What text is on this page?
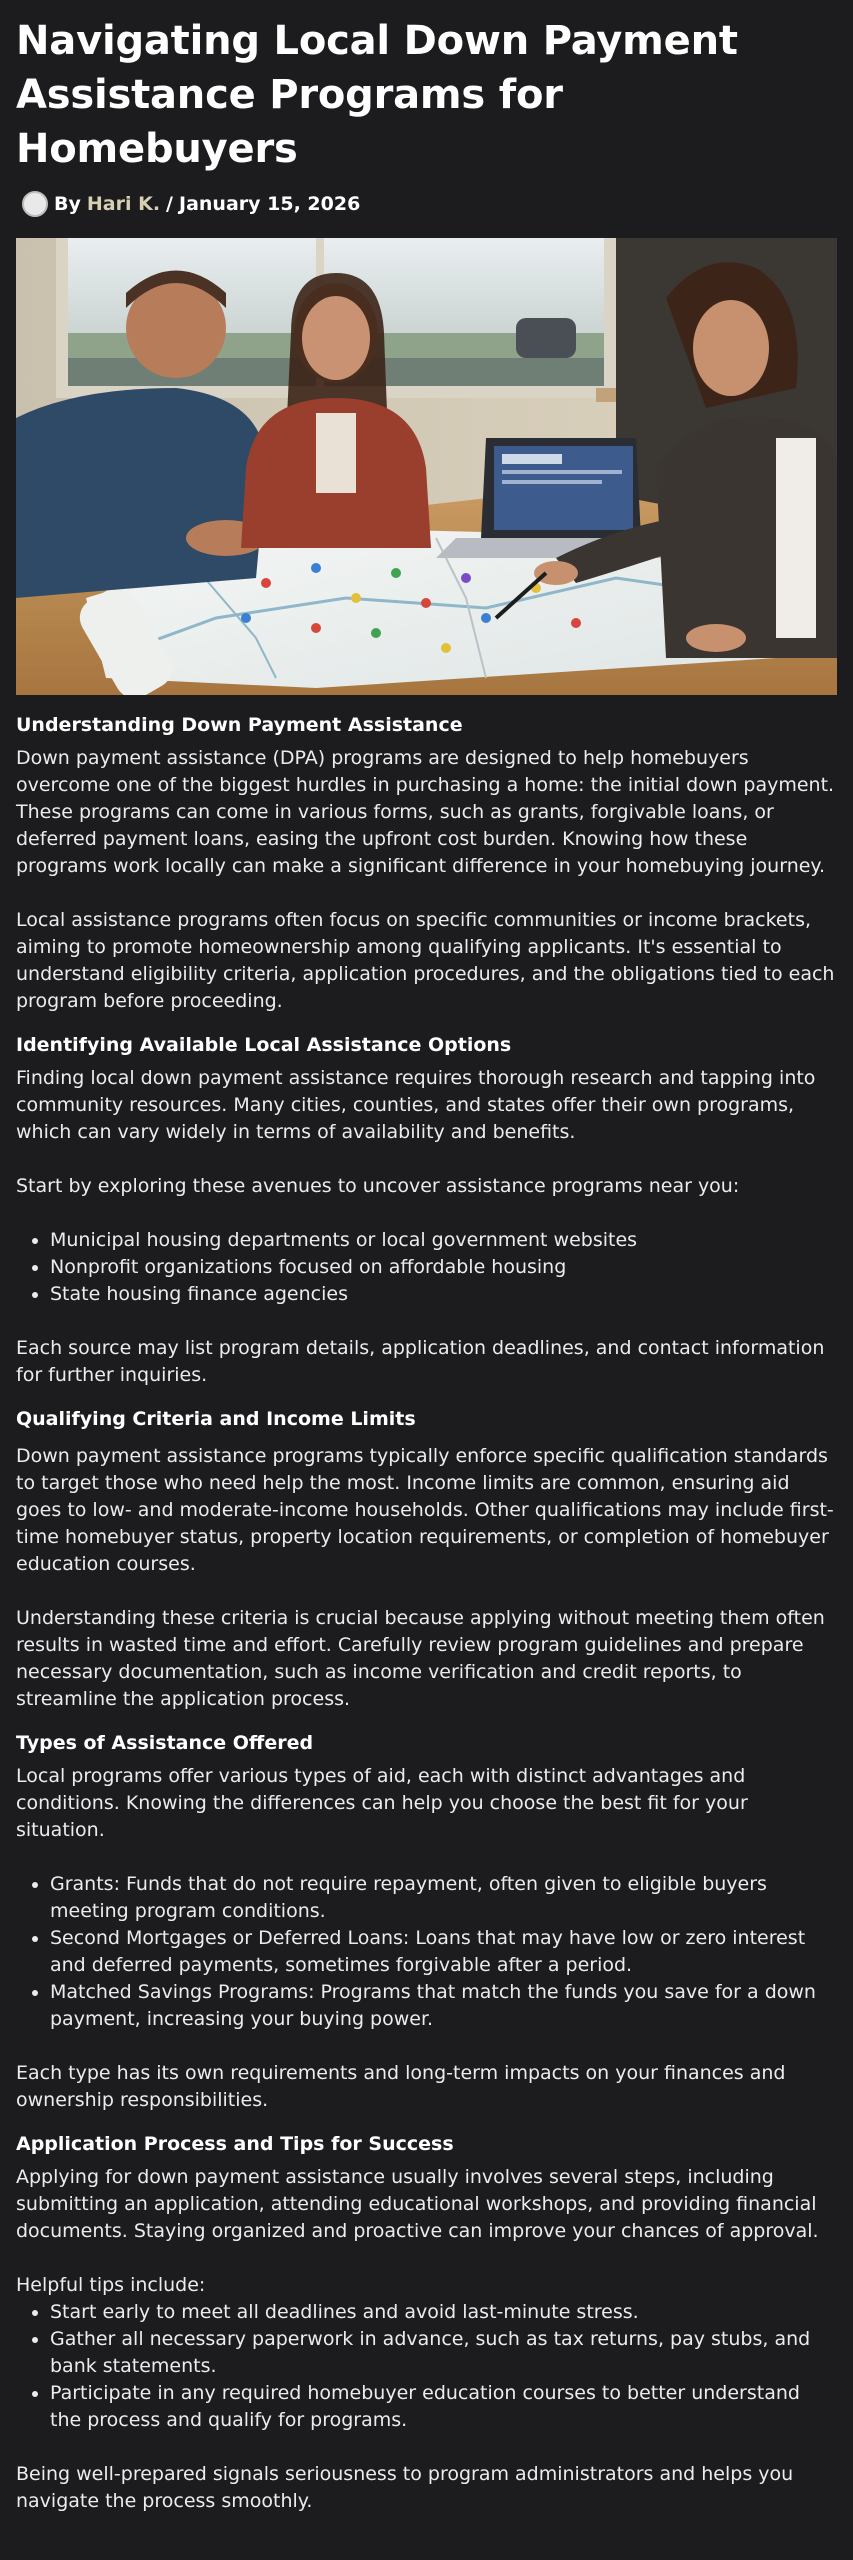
Navigating Local Down Payment Assistance Programs for Homebuyers
By Hari K. / January 15, 2026
Understanding Down Payment Assistance

Down payment assistance (DPA) programs are designed to help homebuyers overcome one of the biggest hurdles in purchasing a home: the initial down payment. These programs can come in various forms, such as grants, forgivable loans, or deferred payment loans, easing the upfront cost burden. Knowing how these programs work locally can make a significant difference in your homebuying journey.

Local assistance programs often focus on specific communities or income brackets, aiming to promote homeownership among qualifying applicants. It's essential to understand eligibility criteria, application procedures, and the obligations tied to each program before proceeding.

Identifying Available Local Assistance Options

Finding local down payment assistance requires thorough research and tapping into community resources. Many cities, counties, and states offer their own programs, which can vary widely in terms of availability and benefits.

Start by exploring these avenues to uncover assistance programs near you:

• Municipal housing departments or local government websites
• Nonprofit organizations focused on affordable housing
• State housing finance agencies

Each source may list program details, application deadlines, and contact information for further inquiries.

Qualifying Criteria and Income Limits

Down payment assistance programs typically enforce specific qualification standards to target those who need help the most. Income limits are common, ensuring aid goes to low- and moderate-income households. Other qualifications may include first-time homebuyer status, property location requirements, or completion of homebuyer education courses.

Understanding these criteria is crucial because applying without meeting them often results in wasted time and effort. Carefully review program guidelines and prepare necessary documentation, such as income verification and credit reports, to streamline the application process.

Types of Assistance Offered

Local programs offer various types of aid, each with distinct advantages and conditions. Knowing the differences can help you choose the best fit for your situation.

• Grants: Funds that do not require repayment, often given to eligible buyers meeting program conditions.
• Second Mortgages or Deferred Loans: Loans that may have low or zero interest and deferred payments, sometimes forgivable after a period.
• Matched Savings Programs: Programs that match the funds you save for a down payment, increasing your buying power.

Each type has its own requirements and long-term impacts on your finances and ownership responsibilities.

Application Process and Tips for Success

Applying for down payment assistance usually involves several steps, including submitting an application, attending educational workshops, and providing financial documents. Staying organized and proactive can improve your chances of approval.

Helpful tips include:

• Start early to meet all deadlines and avoid last-minute stress.
• Gather all necessary paperwork in advance, such as tax returns, pay stubs, and bank statements.
• Participate in any required homebuyer education courses to better understand the process and qualify for programs.

Being well-prepared signals seriousness to program administrators and helps you navigate the process smoothly.
